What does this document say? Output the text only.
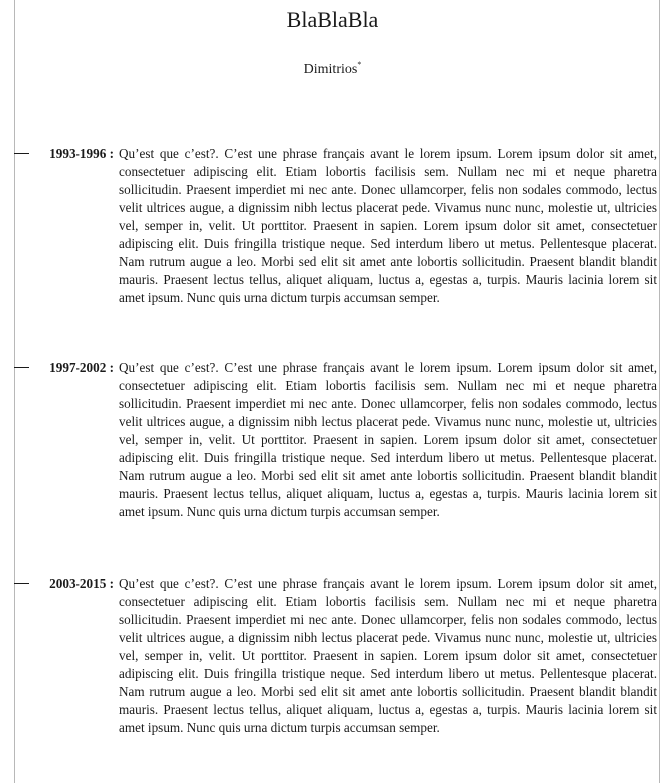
BlaBlaBla
Dimitrios*
1993-1996 : Qu’est que c’est?. C’est une phrase français avant le lorem ipsum. Lorem ipsum dolor sit amet, consectetuer adipiscing elit. Etiam lobortis facilisis sem. Nullam nec mi et neque pharetra sollicitudin. Praesent imperdiet mi nec ante. Donec ullamcorper, felis non sodales commodo, lectus velit ultrices augue, a dignissim nibh lectus placerat pede. Vivamus nunc nunc, molestie ut, ultricies vel, semper in, velit. Ut porttitor. Praesent in sapien. Lorem ipsum dolor sit amet, consectetuer adipiscing elit. Duis fringilla tristique neque. Sed interdum libero ut metus. Pellentesque placerat. Nam rutrum augue a leo. Morbi sed elit sit amet ante lobortis sollicitudin. Praesent blandit blandit mauris. Praesent lectus tellus, aliquet aliquam, luctus a, egestas a, turpis. Mauris lacinia lorem sit amet ipsum. Nunc quis urna dictum turpis accumsan semper.

1997-2002 : Qu’est que c’est?. C’est une phrase français avant le lorem ipsum. Lorem ipsum dolor sit amet, consectetuer adipiscing elit. Etiam lobortis facilisis sem. Nullam nec mi et neque pharetra sollicitudin. Praesent imperdiet mi nec ante. Donec ullamcorper, felis non sodales commodo, lectus velit ultrices augue, a dignissim nibh lectus placerat pede. Vivamus nunc nunc, molestie ut, ultricies vel, semper in, velit. Ut porttitor. Praesent in sapien. Lorem ipsum dolor sit amet, consectetuer adipiscing elit. Duis fringilla tristique neque. Sed interdum libero ut metus. Pellentesque placerat. Nam rutrum augue a leo. Morbi sed elit sit amet ante lobortis sollicitudin. Praesent blandit blandit mauris. Praesent lectus tellus, aliquet aliquam, luctus a, egestas a, turpis. Mauris lacinia lorem sit amet ipsum. Nunc quis urna dictum turpis accumsan semper.

2003-2015 : Qu’est que c’est?. C’est une phrase français avant le lorem ipsum. Lorem ipsum dolor sit amet, consectetuer adipiscing elit. Etiam lobortis facilisis sem. Nullam nec mi et neque pharetra sollicitudin. Praesent imperdiet mi nec ante. Donec ullamcorper, felis non sodales commodo, lectus velit ultrices augue, a dignissim nibh lectus placerat pede. Vivamus nunc nunc, molestie ut, ultricies vel, semper in, velit. Ut porttitor. Praesent in sapien. Lorem ipsum dolor sit amet, consectetuer adipiscing elit. Duis fringilla tristique neque. Sed interdum libero ut metus. Pellentesque placerat. Nam rutrum augue a leo. Morbi sed elit sit amet ante lobortis sollicitudin. Praesent blandit blandit mauris. Praesent lectus tellus, aliquet aliquam, luctus a, egestas a, turpis. Mauris lacinia lorem sit amet ipsum. Nunc quis urna dictum turpis accumsan semper.
